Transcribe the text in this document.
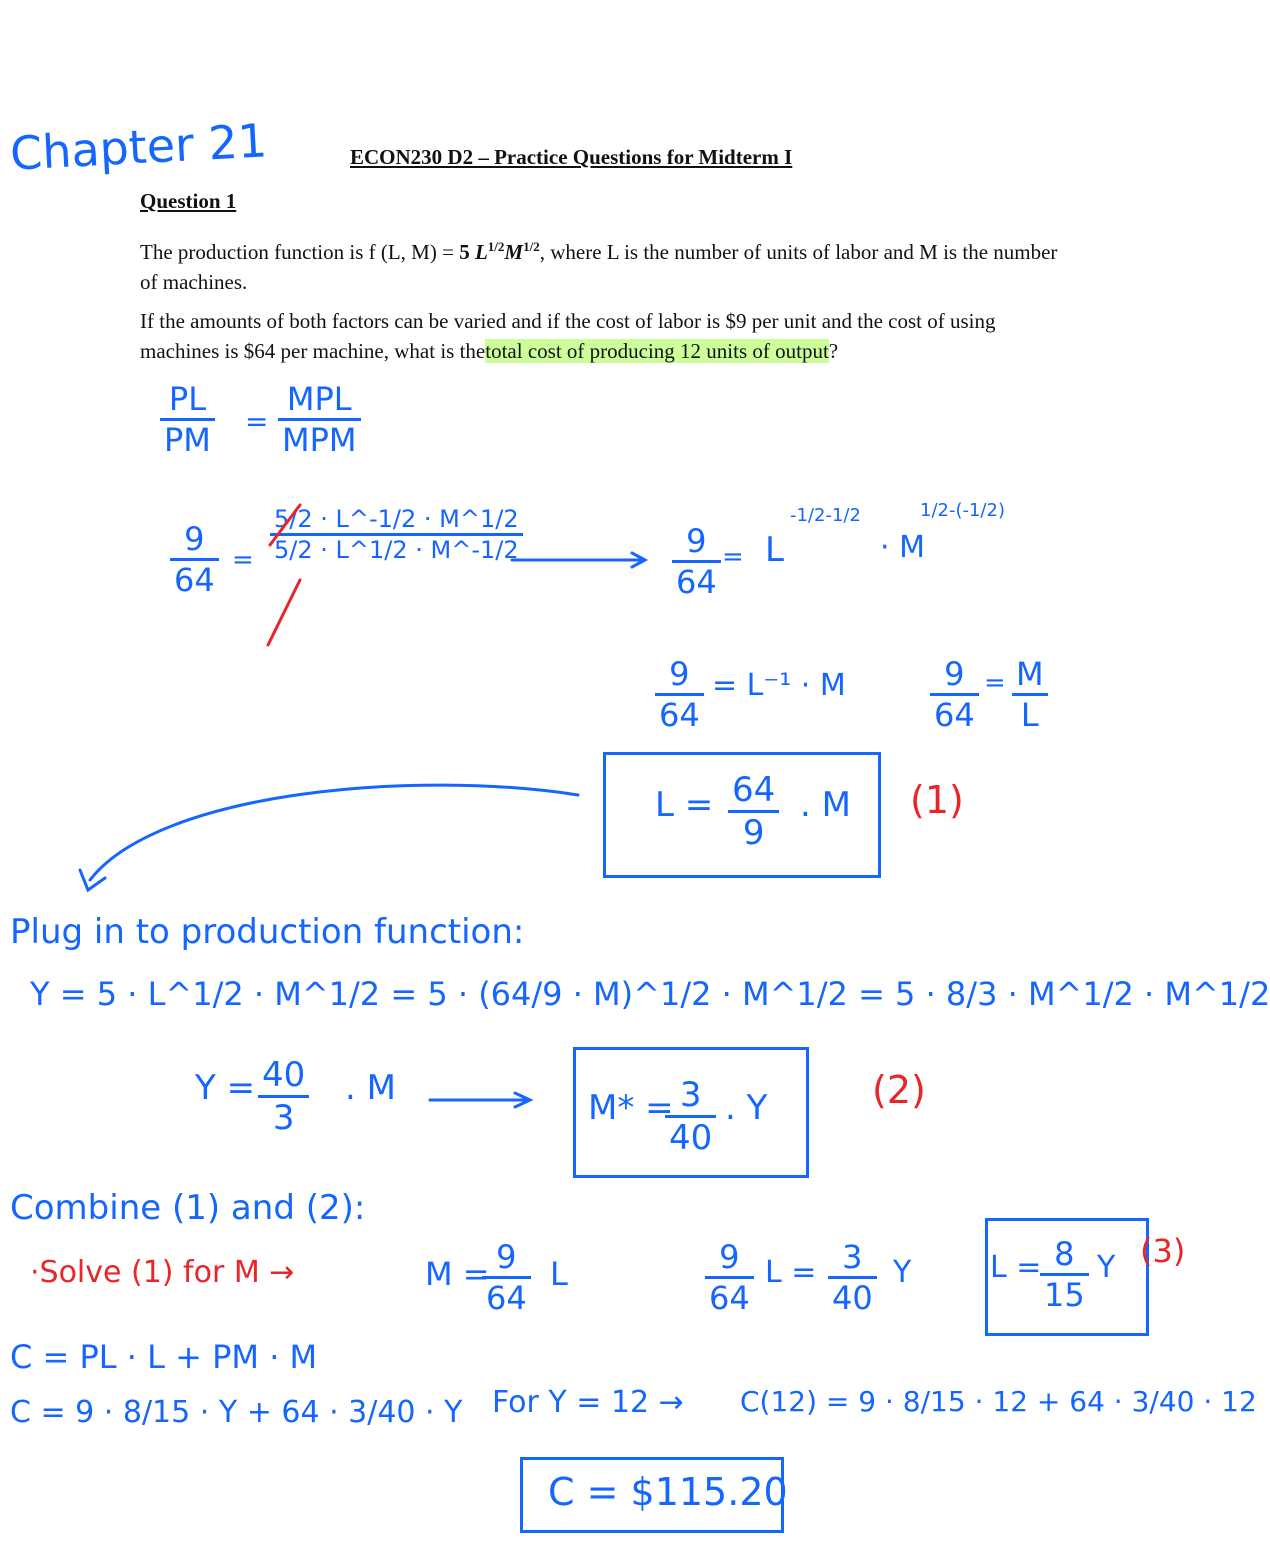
Chapter 21	ECON230 D2 – Practice Questions for Midterm I
Question 1
The production function is f (L, M) = 5 $L^{1/2}M^{1/2}$, where L is the number of units of labor and M is the number of machines.
If the amounts of both factors can be varied and if the cost of labor is $9 per unit and the cost of using machines is $64 per machine, what is thetotal cost of producing 12 units of output?
$\frac{PL}{PM} = \frac{\text{MPL}}{\text{MPM}}$
$\frac{9}{64} = \frac{5/2 \cdot L\^{}-1/2 \cdot M\^{}1/2}{5/2 \cdot L\^{}1/2 \cdot M\^{}-1/2}$	$\frac{9}{64} = L$
-1/2-1/2
· M
1/2-(-1/2)
$\frac{9}{64} = L^{-1} \cdot M$	$\frac{9}{64} = \frac{M}{L}$
$L = \frac{64}{9}$ . M (1)
Plug in to production function:
Y = 5 · L^1/2 · M^1/2 = 5 · (64/9 · M)^1/2 · M^1/2 = 5 · 8/3 · M^1/2 · M^1/2
$Y = \frac{40}{3}$ . M	M* =
$\frac{3}{40}$ . Y	(2)
Combine (1) and (2):
·Solve (1) for M →	M =
$\frac{9}{64}$ L	$\frac{9}{64}$ $L = \frac{3}{40}$ Y	L =
$\frac{8}{15}$ Y (3)
C = PL · L + PM · M
C = 9 · 8/15 · Y + 64 · 3/40 · Y For Y = 12 → C(12) = 9 · 8/15 · 12 + 64 · 3/40 · 12
C = $115.20
